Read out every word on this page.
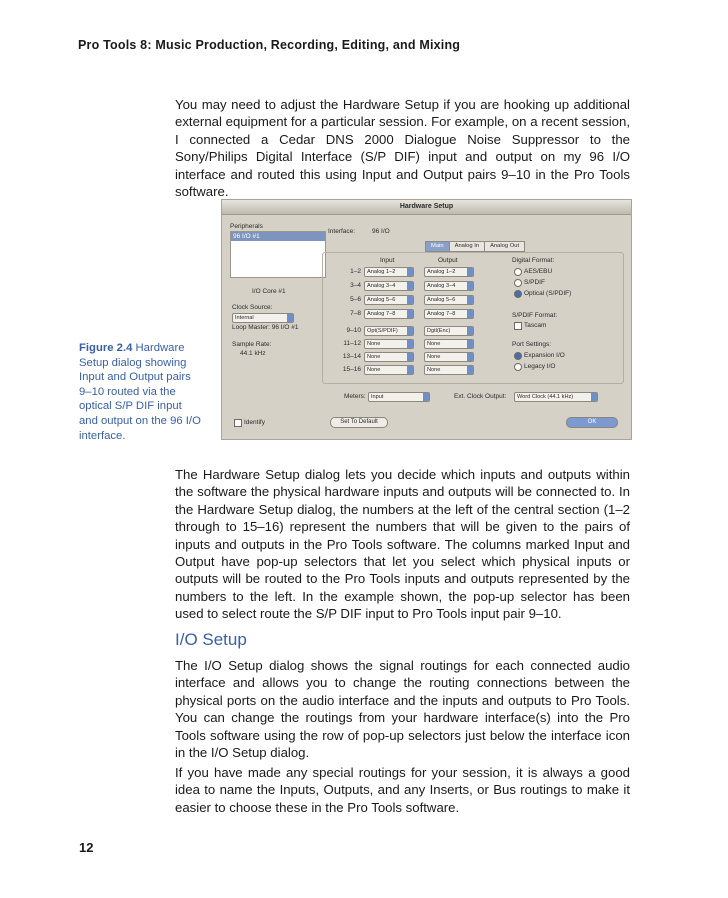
Pro Tools 8: Music Production, Recording, Editing, and Mixing

You may need to adjust the Hardware Setup if you are hooking up additional external equipment for a particular session. For example, on a recent session, I connected a Cedar DNS 2000 Dialogue Noise Suppressor to the Sony/Philips Digital Interface (S/P DIF) input and output on my 96 I/O interface and routed this using Input and Output pairs 9–10 in the Pro Tools software.

Hardware Setup
Peripherals
96 I/O #1
Interface:	96 I/O
Main Analog In Analog Out
Input	Output
I/O Core #1
Clock Source:
Internal
Loop Master: 96 I/O #1
Sample Rate:
44.1 kHz
1–2	Analog 1–2	Analog 1–2
3–4	Analog 3–4	Analog 3–4
5–6	Analog 5–6	Analog 5–6
7–8	Analog 7–8	Analog 7–8
9–10	Opt(S/PDIF)	Dgtl(Enc)
11–12	None	None
13–14	None	None
15–16	None	None
Digital Format:
AES/EBU
S/PDIF
Optical (S/PDIF)
S/PDIF Format:
Tascam
Port Settings:
Expansion I/O
Legacy I/O
Meters: Input	Ext. Clock Output:	Word Clock (44.1 kHz)
Identify	Set To Default	OK

Figure 2.4 Hardware Setup dialog showing Input and Output pairs 9–10 routed via the optical S/P DIF input and output on the 96 I/O interface.

The Hardware Setup dialog lets you decide which inputs and outputs within the software the physical hardware inputs and outputs will be connected to. In the Hardware Setup dialog, the numbers at the left of the central section (1–2 through to 15–16) represent the numbers that will be given to the pairs of inputs and outputs in the Pro Tools software. The columns marked Input and Output have pop-up selectors that let you select which physical inputs or outputs will be routed to the Pro Tools inputs and outputs represented by the numbers to the left. In the example shown, the pop-up selector has been used to select route the S/P DIF input to Pro Tools input pair 9–10.

I/O Setup

The I/O Setup dialog shows the signal routings for each connected audio interface and allows you to change the routing connections between the physical ports on the audio interface and the inputs and outputs to Pro Tools. You can change the routings from your hardware interface(s) into the Pro Tools software using the row of pop-up selectors just below the interface icon in the I/O Setup dialog.

If you have made any special routings for your session, it is always a good idea to name the Inputs, Outputs, and any Inserts, or Bus routings to make it easier to choose these in the Pro Tools software.

12
